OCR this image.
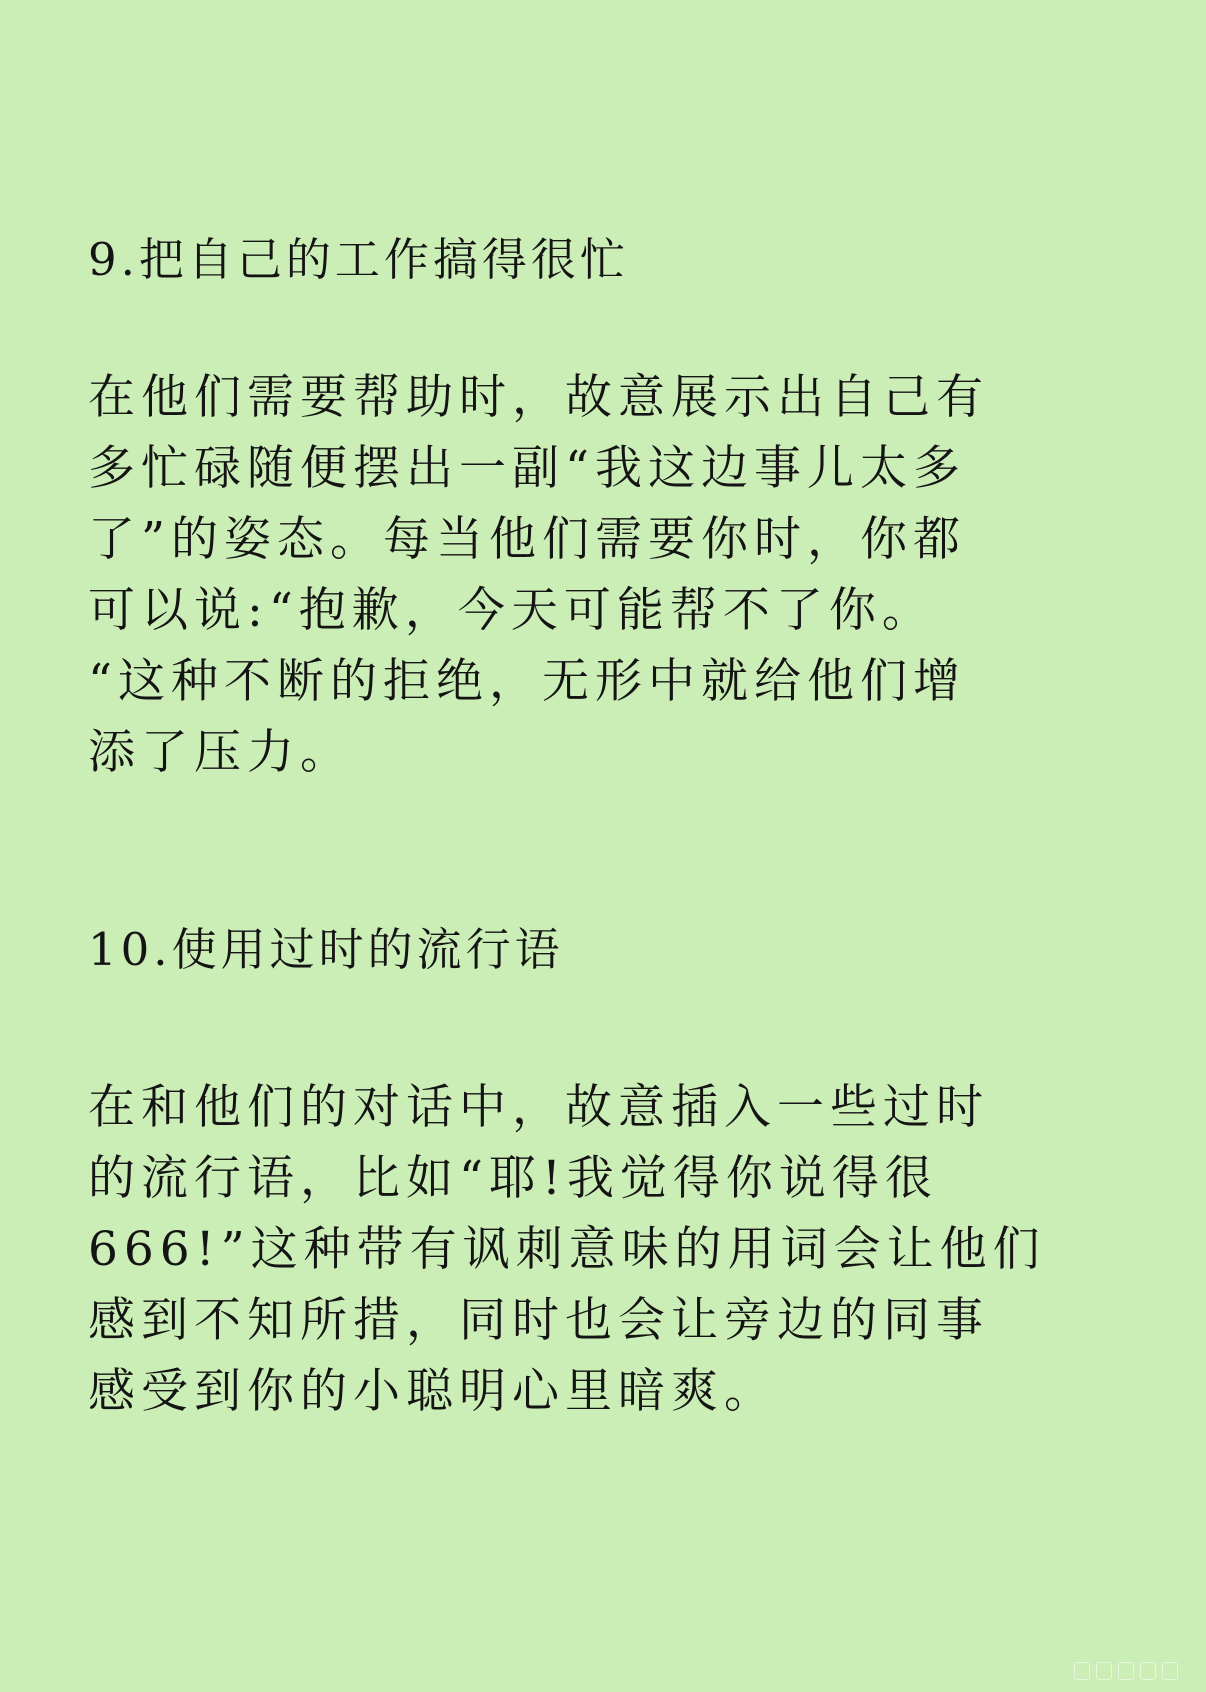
9.把自己的工作搞得很忙
在他们需要帮助时，故意展示出自己有
多忙碌随便摆出一副“我这边事儿太多
了”的姿态。每当他们需要你时，你都
可以说:“抱歉，今天可能帮不了你。
“这种不断的拒绝，无形中就给他们增
添了压力。
10.使用过时的流行语
在和他们的对话中，故意插入一些过时
的流行语，比如“耶!我觉得你说得很
666!”这种带有讽刺意味的用词会让他们
感到不知所措，同时也会让旁边的同事
感受到你的小聪明心里暗爽。
